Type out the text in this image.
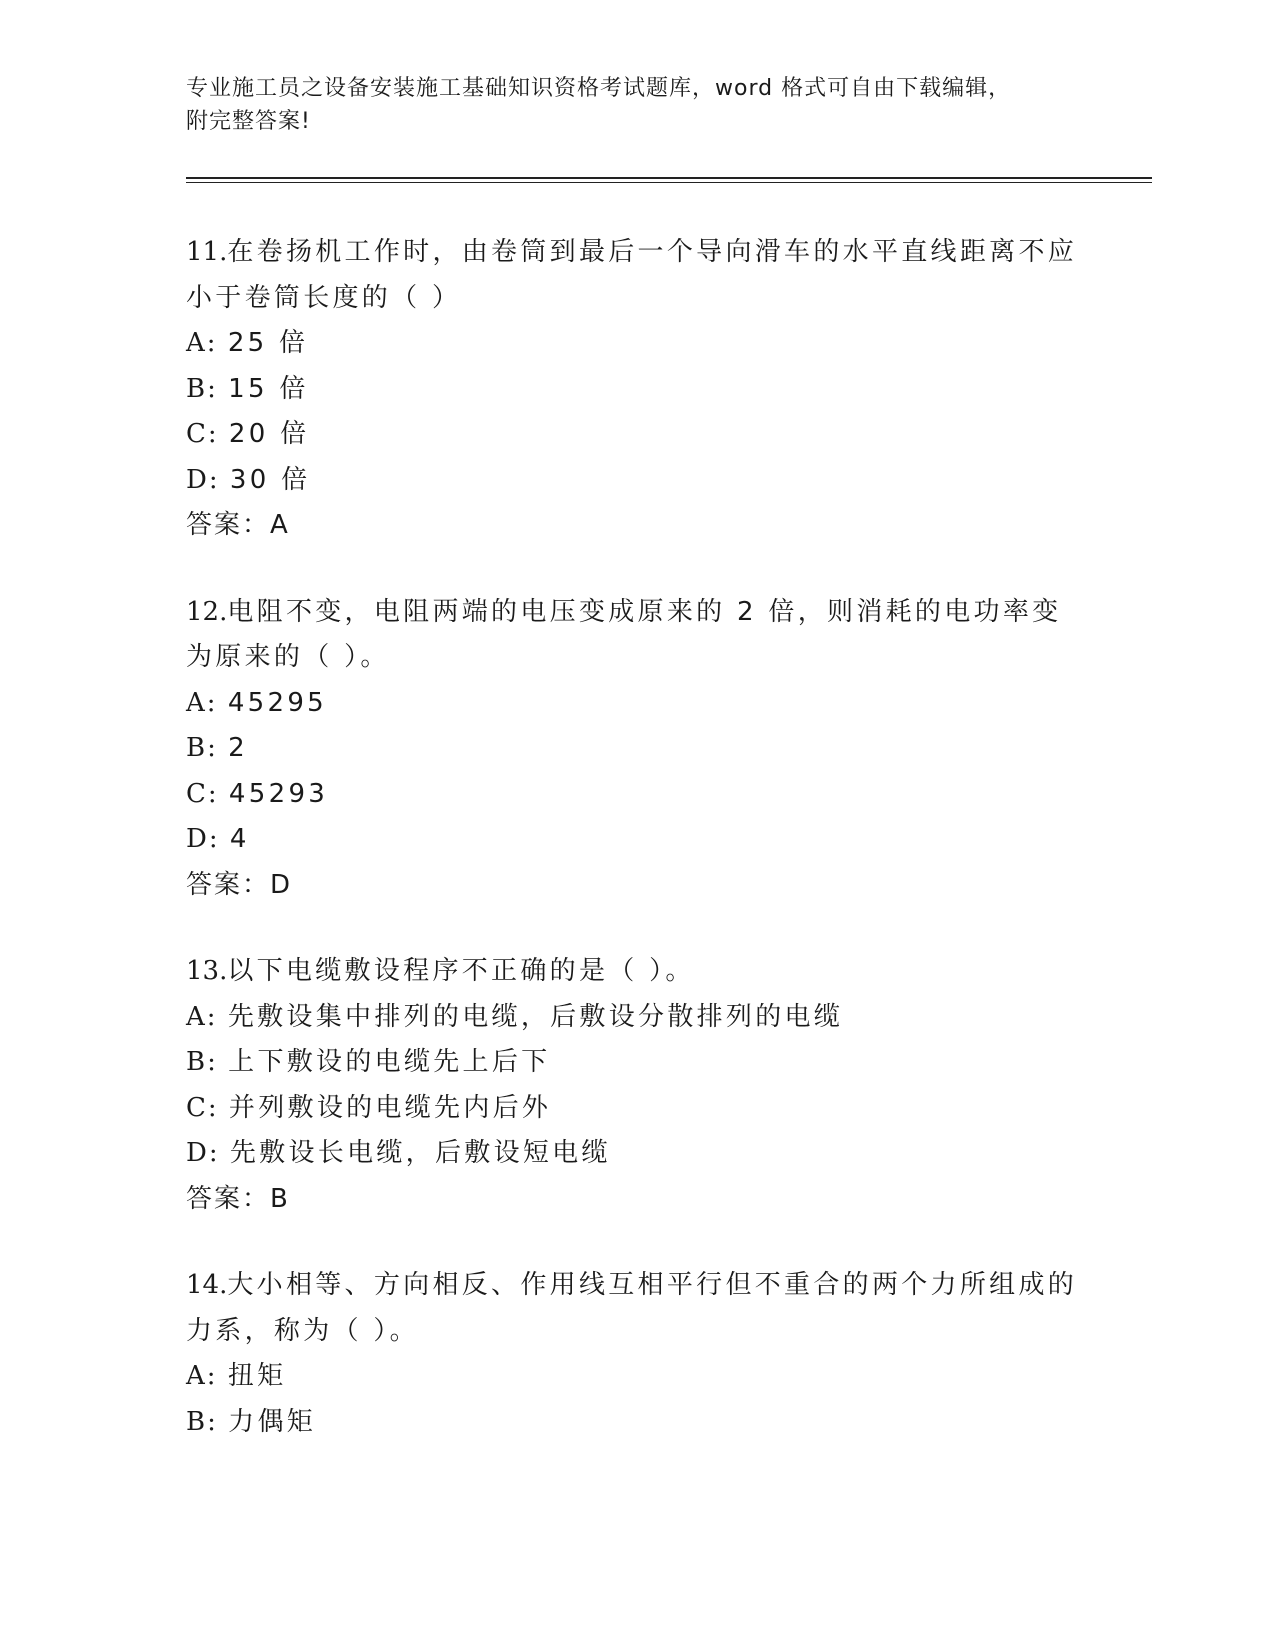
专业施工员之设备安装施工基础知识资格考试题库，word 格式可自由下载编辑，
附完整答案!
11.在卷扬机工作时，由卷筒到最后一个导向滑车的水平直线距离不应小于卷筒长度的（ ）
A: 25 倍
B: 15 倍
C: 20 倍
D: 30 倍
答案：A
12.电阻不变，电阻两端的电压变成原来的 2 倍，则消耗的电功率变为原来的（ ）。
A: 45295
B: 2
C: 45293
D: 4
答案：D
13.以下电缆敷设程序不正确的是（ ）。
A: 先敷设集中排列的电缆，后敷设分散排列的电缆
B: 上下敷设的电缆先上后下
C: 并列敷设的电缆先内后外
D: 先敷设长电缆，后敷设短电缆
答案：B
14.大小相等、方向相反、作用线互相平行但不重合的两个力所组成的力系，称为（ ）。
A: 扭矩
B: 力偶矩
